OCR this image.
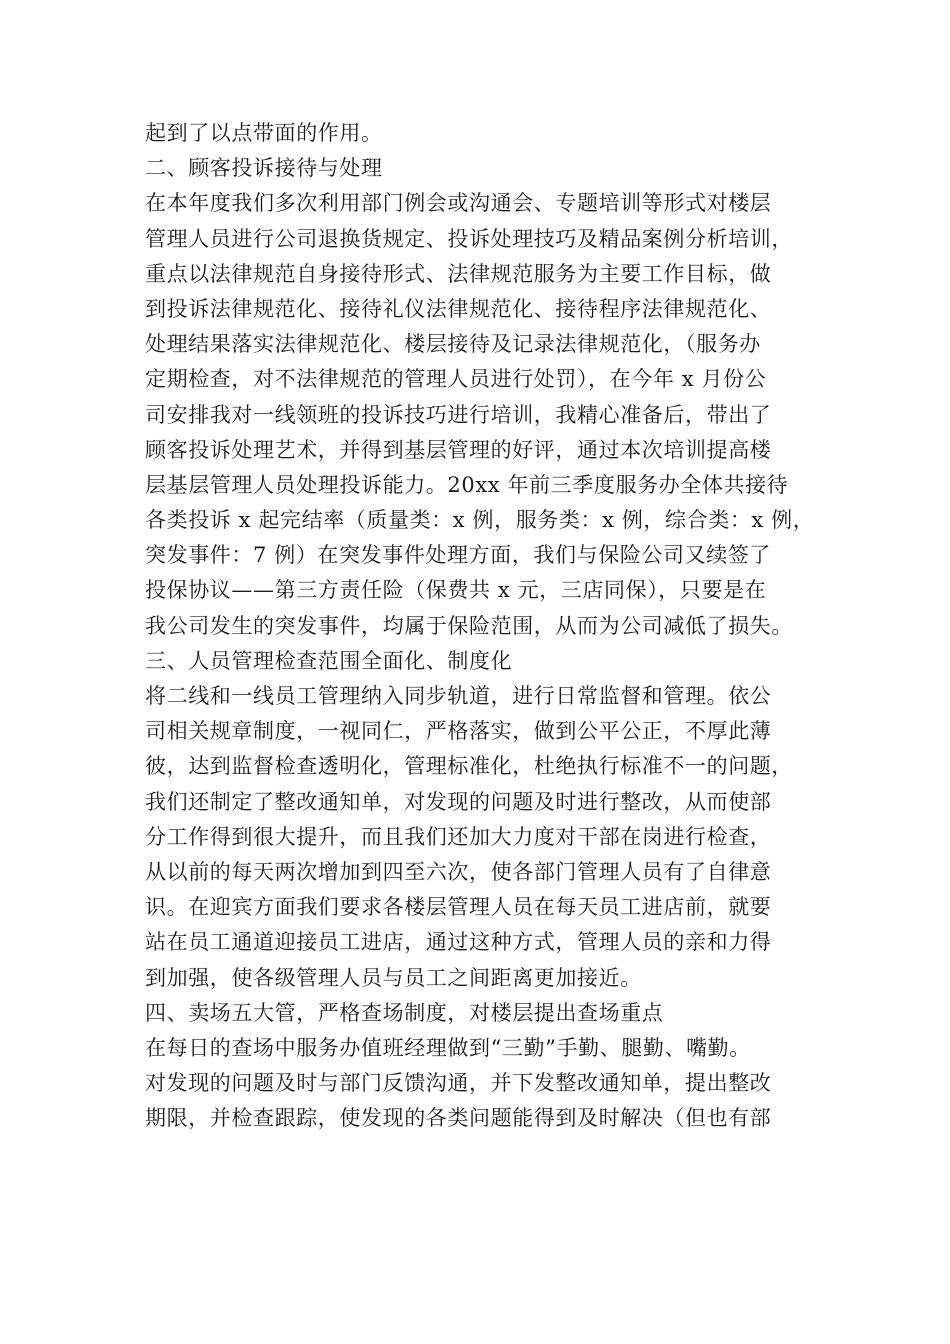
起到了以点带面的作用。
二、顾客投诉接待与处理
在本年度我们多次利用部门例会或沟通会、专题培训等形式对楼层
管理人员进行公司退换货规定、投诉处理技巧及精品案例分析培训，
重点以法律规范自身接待形式、法律规范服务为主要工作目标，做
到投诉法律规范化、接待礼仪法律规范化、接待程序法律规范化、
处理结果落实法律规范化、楼层接待及记录法律规范化，（服务办
定期检查，对不法律规范的管理人员进行处罚），在今年 x 月份公
司安排我对一线领班的投诉技巧进行培训，我精心准备后，带出了
顾客投诉处理艺术，并得到基层管理的好评，通过本次培训提高楼
层基层管理人员处理投诉能力。20xx 年前三季度服务办全体共接待
各类投诉 x 起完结率（质量类：x 例，服务类：x 例，综合类：x 例，
突发事件：7 例）在突发事件处理方面，我们与保险公司又续签了
投保协议——第三方责任险（保费共 x 元，三店同保），只要是在
我公司发生的突发事件，均属于保险范围，从而为公司减低了损失。
三、人员管理检查范围全面化、制度化
将二线和一线员工管理纳入同步轨道，进行日常监督和管理。依公
司相关规章制度，一视同仁，严格落实，做到公平公正，不厚此薄
彼，达到监督检查透明化，管理标准化，杜绝执行标准不一的问题，
我们还制定了整改通知单，对发现的问题及时进行整改，从而使部
分工作得到很大提升，而且我们还加大力度对干部在岗进行检查，
从以前的每天两次增加到四至六次，使各部门管理人员有了自律意
识。在迎宾方面我们要求各楼层管理人员在每天员工进店前，就要
站在员工通道迎接员工进店，通过这种方式，管理人员的亲和力得
到加强，使各级管理人员与员工之间距离更加接近。
四、卖场五大管，严格查场制度，对楼层提出查场重点
在每日的查场中服务办值班经理做到“三勤”手勤、腿勤、嘴勤。
对发现的问题及时与部门反馈沟通，并下发整改通知单，提出整改
期限，并检查跟踪，使发现的各类问题能得到及时解决（但也有部
